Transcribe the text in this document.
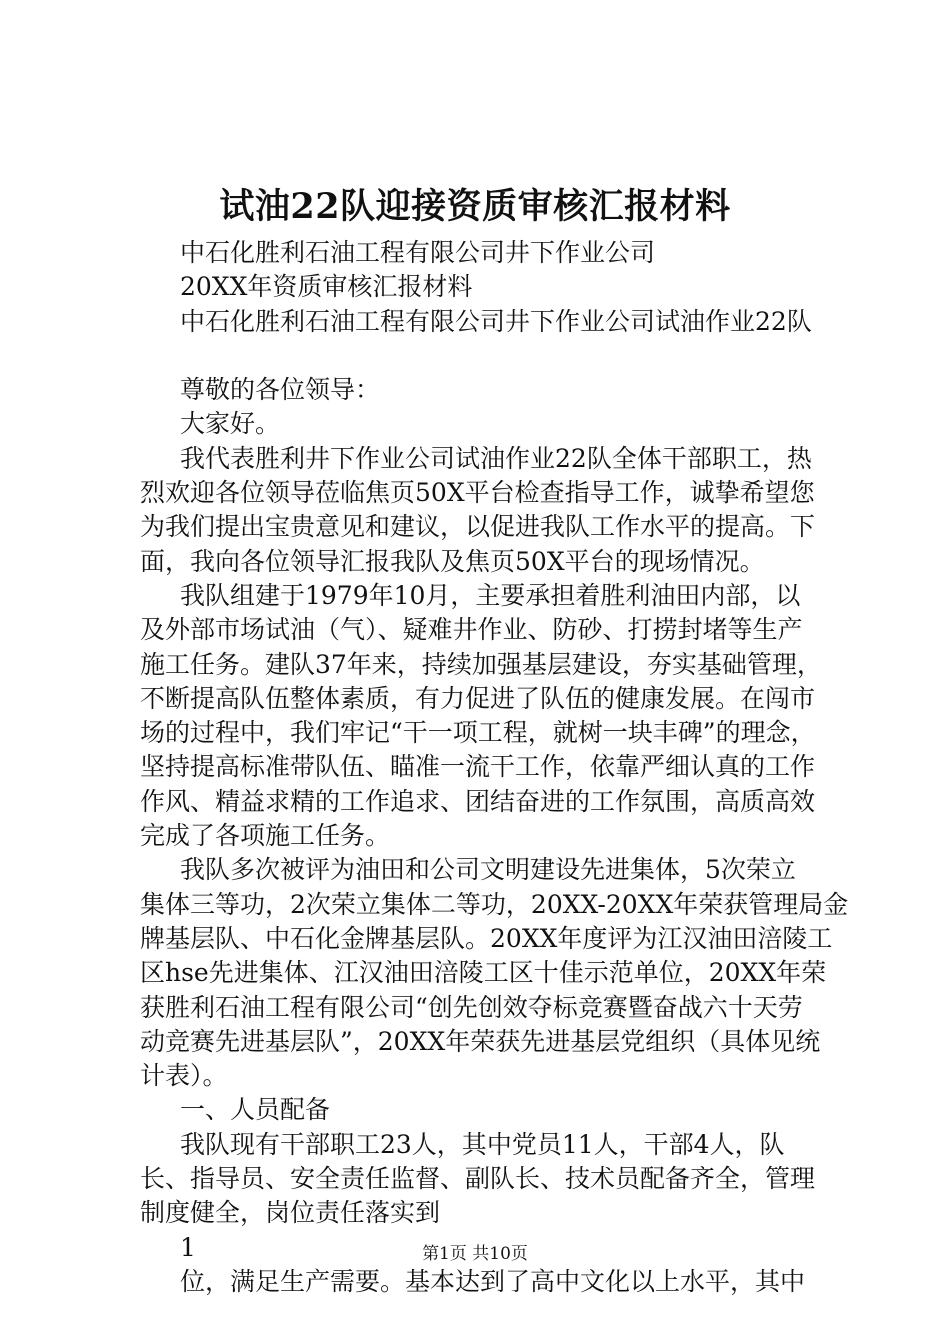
试油22队迎接资质审核汇报材料
中石化胜利石油工程有限公司井下作业公司
20XX年资质审核汇报材料
中石化胜利石油工程有限公司井下作业公司试油作业22队
尊敬的各位领导：
大家好。
我代表胜利井下作业公司试油作业22队全体干部职工，热
烈欢迎各位领导莅临焦页50X平台检查指导工作，诚挚希望您
为我们提出宝贵意见和建议，以促进我队工作水平的提高。下
面，我向各位领导汇报我队及焦页50X平台的现场情况。
我队组建于1979年10月，主要承担着胜利油田内部，以
及外部市场试油（气）、疑难井作业、防砂、打捞封堵等生产
施工任务。建队37年来，持续加强基层建设，夯实基础管理，
不断提高队伍整体素质，有力促进了队伍的健康发展。在闯市
场的过程中，我们牢记“干一项工程，就树一块丰碑”的理念，
坚持提高标准带队伍、瞄准一流干工作，依靠严细认真的工作
作风、精益求精的工作追求、团结奋进的工作氛围，高质高效
完成了各项施工任务。
我队多次被评为油田和公司文明建设先进集体，5次荣立
集体三等功，2次荣立集体二等功，20XX-20XX年荣获管理局金
牌基层队、中石化金牌基层队。20XX年度评为江汉油田涪陵工
区hse先进集体、江汉油田涪陵工区十佳示范单位，20XX年荣
获胜利石油工程有限公司“创先创效夺标竞赛暨奋战六十天劳
动竞赛先进基层队”，20XX年荣获先进基层党组织（具体见统
计表）。
一、人员配备
我队现有干部职工23人，其中党员11人，干部4人，队
长、指导员、安全责任监督、副队长、技术员配备齐全，管理
制度健全，岗位责任落实到
1
位，满足生产需要。基本达到了高中文化以上水平，其中
第1页 共10页
